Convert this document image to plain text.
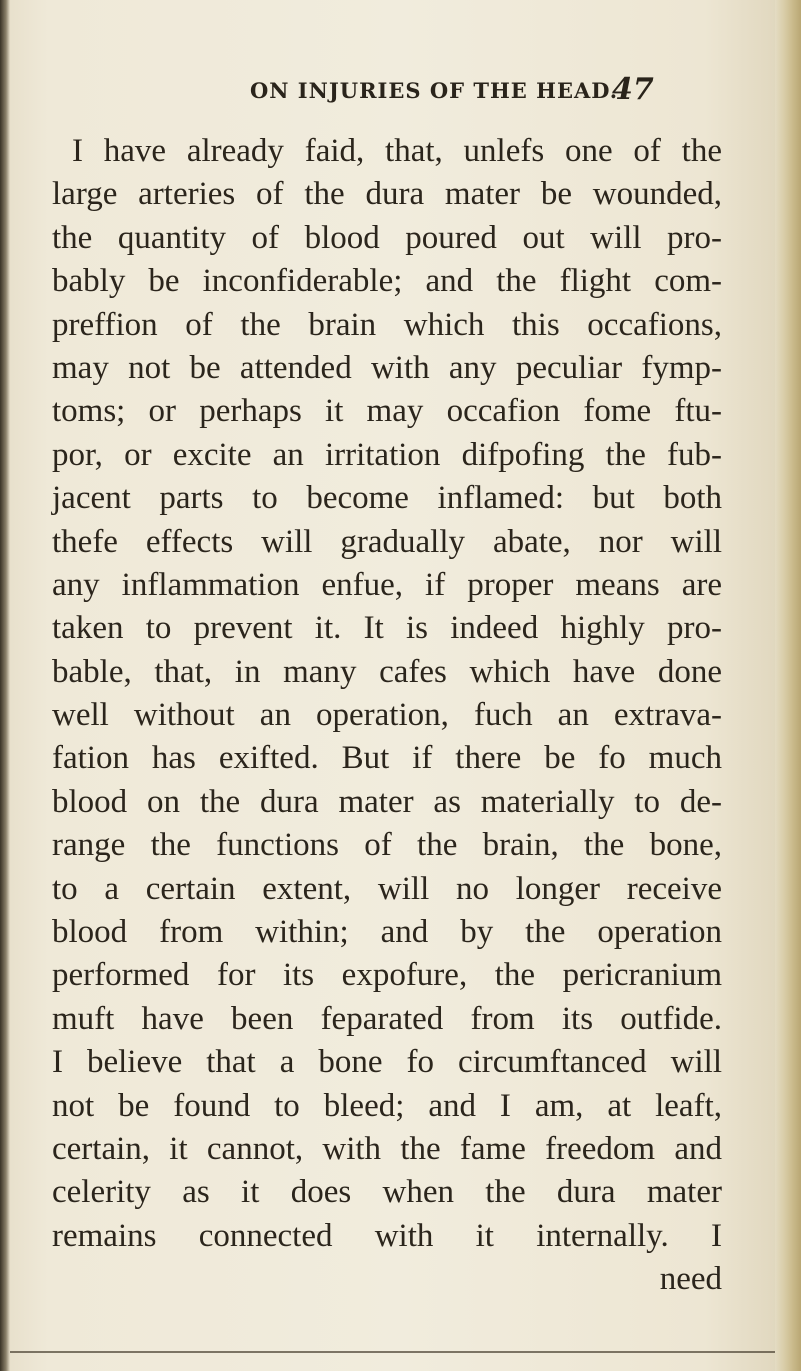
ON INJURIES OF THE HEAD.
47
I have already faid, that, unlefs one of the
large arteries of the dura mater be wounded,
the quantity of blood poured out will pro-
bably be inconfiderable; and the flight com-
preffion of the brain which this occafions,
may not be attended with any peculiar fymp-
toms; or perhaps it may occafion fome ftu-
por, or excite an irritation difpofing the fub-
jacent parts to become inflamed: but both
thefe effects will gradually abate, nor will
any inflammation enfue, if proper means are
taken to prevent it. It is indeed highly pro-
bable, that, in many cafes which have done
well without an operation, fuch an extrava-
fation has exifted. But if there be fo much
blood on the dura mater as materially to de-
range the functions of the brain, the bone,
to a certain extent, will no longer receive
blood from within; and by the operation
performed for its expofure, the pericranium
muft have been feparated from its outfide.
I believe that a bone fo circumftanced will
not be found to bleed; and I am, at leaft,
certain, it cannot, with the fame freedom and
celerity as it does when the dura mater
remains connected with it internally. I
need
